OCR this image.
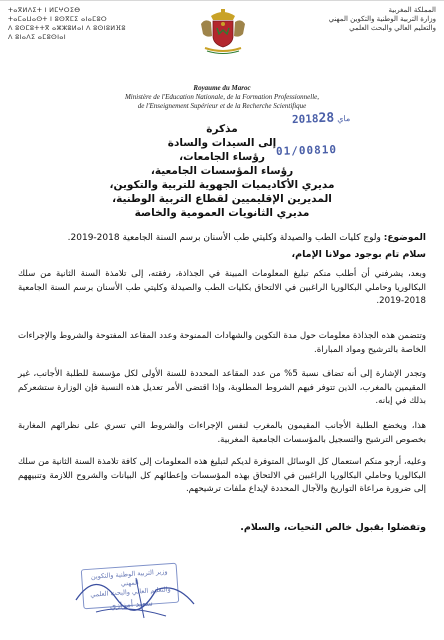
ⵜⴰⴳⵍⴷⵉⵜ ⵏ ⵍⵎⵖⵔⵉⴱ
ⵜⴰⵎⴰⵡⴰⵙⵜ ⵏ ⵓⵙⴳⵎⵉ ⴰⵏⴰⵎⵓⵔ
ⴷ ⵓⵙⵎⵓⵜⵜⴳ ⴰⵣⵣⵓⵍⴰⵏ ⴷ ⵓⵙⵏⵓⵍⴼⵓ
ⴷ ⵓⵏⴰⴷⵉ ⴰⵎⵓⵙⵏⴰⵏ
المملكة المغربية
وزارة التربية الوطنية والتكوين المهني
والتعليم العالي والبحث العلمي
Royaume du Maroc
Ministère de l'Education Nationale, de la Formation Professionnelle,
de l'Enseignement Supérieur et de la Recherche Scientifique
2018 ماي28
مذكرة
إلى السيدات والسادة 01/00810
رؤساء الجامعات،
رؤساء المؤسسات الجامعية،
مديري الأكاديميات الجهوية للتربية والتكوين،
المديرين الإقليميين لقطاع التربية الوطنية،
مديري الثانويات العمومية والخاصة
الموضوع: ولوج كليات الطب والصيدلة وكليتي طب الأسنان برسم السنة الجامعية 2018-2019.
سلام تام بوجود مولانا الإمام،
وبعد، يشرفني أن أطلب منكم تبليغ المعلومات المبينة في الجذاذة، رفقته، إلى تلامذة السنة الثانية من سلك البكالوريا وحاملي البكالوريا الراغبين في الالتحاق بكليات الطب والصيدلة وكليتي طب الأسنان برسم السنة الجامعية 2018-2019.
وتتضمن هذه الجذاذة معلومات حول مدة التكوين والشهادات الممنوحة وعدد المقاعد المفتوحة والشروط والإجراءات الخاصة بالترشيح ومواد المباراة.
وتجدر الإشارة إلى أنه تضاف نسبة 5% من عدد المقاعد المحددة للسنة الأولى لكل مؤسسة للطلبة الأجانب، غير المقيمين بالمغرب، الذين تتوفر فيهم الشروط المطلوبة، وإذا اقتضى الأمر تعديل هذه النسبة فإن الوزارة ستشعركم بذلك في إبانه.
هذا، ويخضع الطلبة الأجانب المقيمون بالمغرب لنفس الإجراءات والشروط التي تسري على نظرائهم المغاربة بخصوص الترشيح والتسجيل بالمؤسسات الجامعية المغربية.
وعليه، أرجو منكم استعمال كل الوسائل المتوفرة لديكم لتبليغ هذه المعلومات إلى كافة تلامذة السنة الثانية من سلك البكالوريا وحاملي البكالوريا الراغبين في الالتحاق بهذه المؤسسات وإعطائهم كل البيانات والشروح اللازمة وتنبيههم إلى ضرورة مراعاة التواريخ والآجال المحددة لإيداع ملفات ترشيحهم.
وتفضلوا بقبول خالص التحيات، والسلام.
وزير التربية الوطنية والتكوين المهني
والتعليم العالي والبحث العلمي
سعيد أمزازي
